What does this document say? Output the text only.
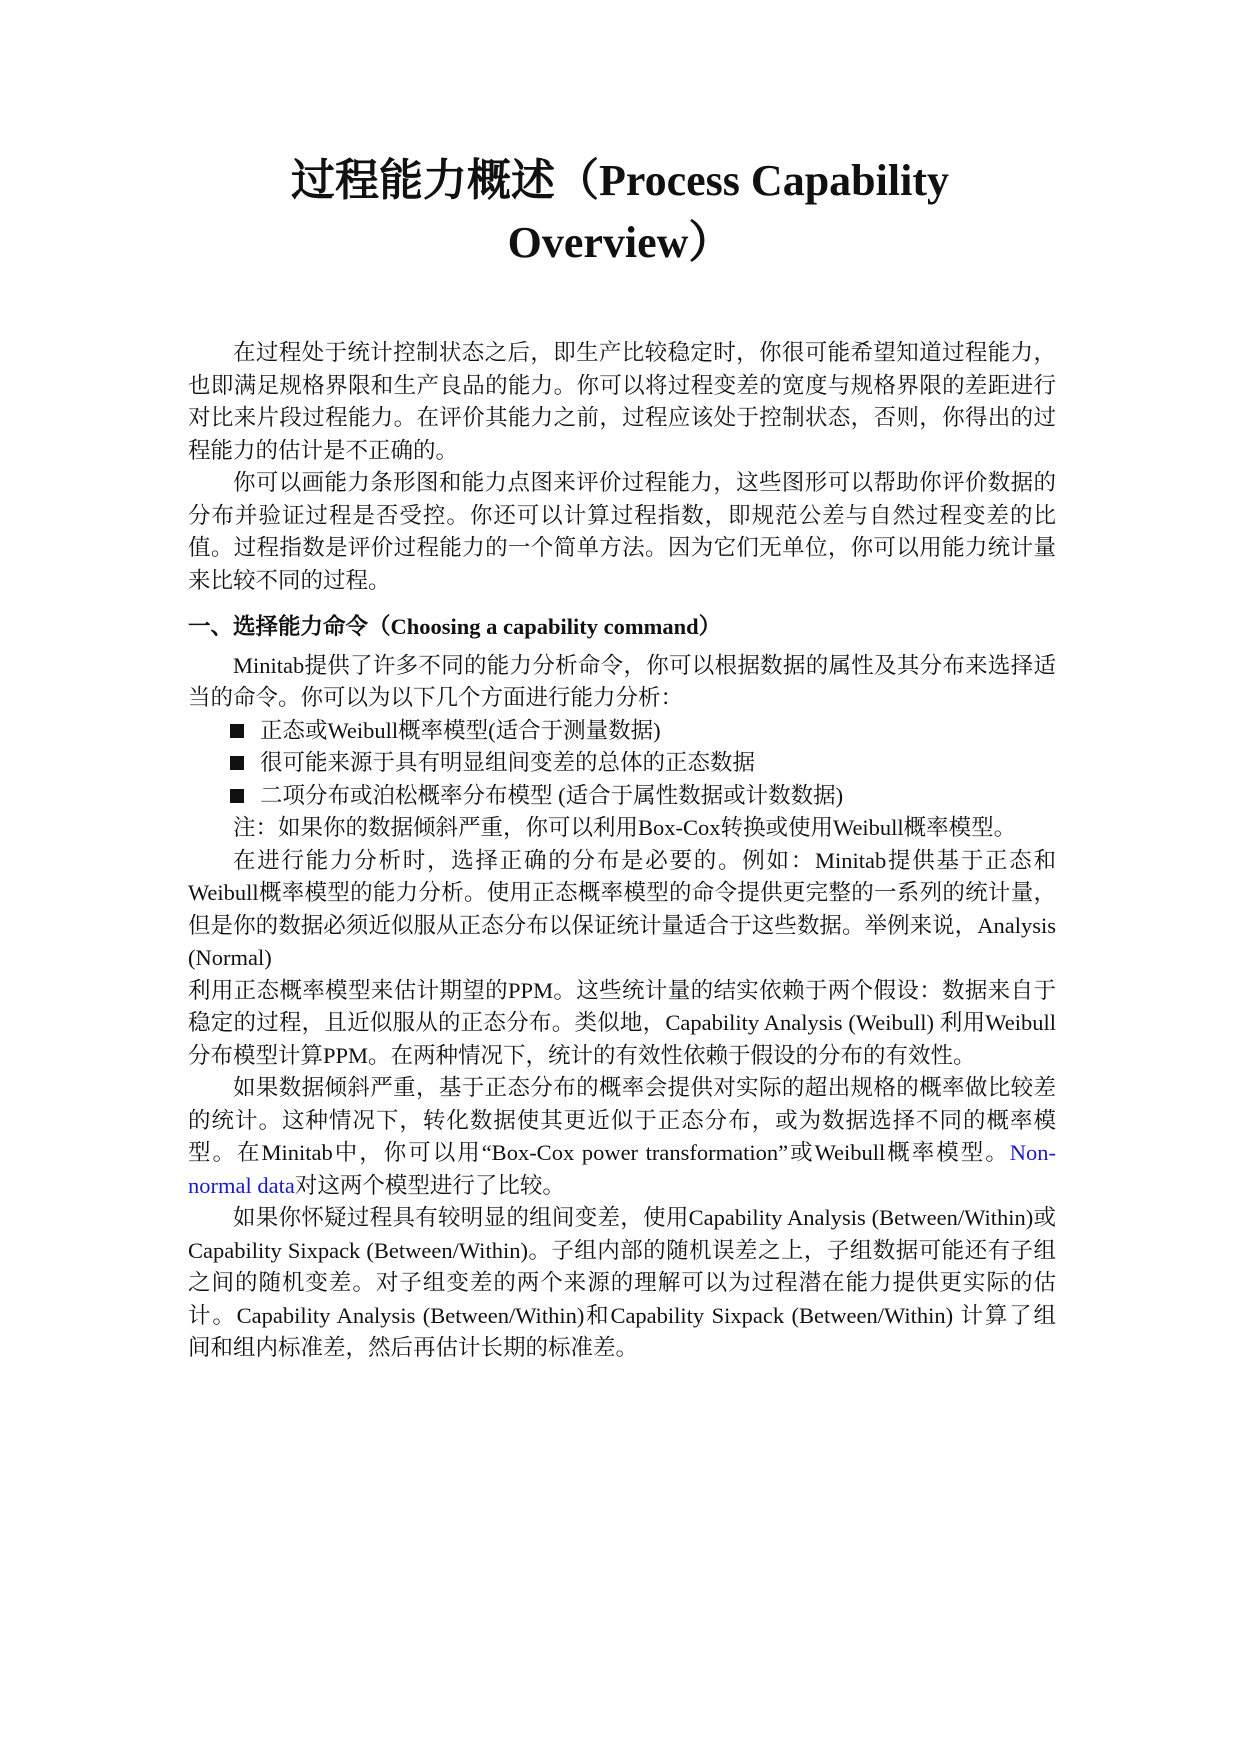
过程能力概述（Process Capability Overview）

在过程处于统计控制状态之后，即生产比较稳定时，你很可能希望知道过程能力，也即满足规格界限和生产良品的能力。你可以将过程变差的宽度与规格界限的差距进行对比来片段过程能力。在评价其能力之前，过程应该处于控制状态，否则，你得出的过程能力的估计是不正确的。

你可以画能力条形图和能力点图来评价过程能力，这些图形可以帮助你评价数据的分布并验证过程是否受控。你还可以计算过程指数，即规范公差与自然过程变差的比值。过程指数是评价过程能力的一个简单方法。因为它们无单位，你可以用能力统计量来比较不同的过程。

一、选择能力命令（Choosing a capability command）

Minitab提供了许多不同的能力分析命令，你可以根据数据的属性及其分布来选择适当的命令。你可以为以下几个方面进行能力分析：

正态或Weibull概率模型(适合于测量数据)
很可能来源于具有明显组间变差的总体的正态数据
二项分布或泊松概率分布模型 (适合于属性数据或计数数据)

注：如果你的数据倾斜严重，你可以利用Box-Cox转换或使用Weibull概率模型。

在进行能力分析时，选择正确的分布是必要的。例如：Minitab提供基于正态和Weibull概率模型的能力分析。使用正态概率模型的命令提供更完整的一系列的统计量，但是你的数据必须近似服从正态分布以保证统计量适合于这些数据。举例来说，Analysis (Normal)

利用正态概率模型来估计期望的PPM。这些统计量的结实依赖于两个假设：数据来自于稳定的过程，且近似服从的正态分布。类似地，Capability Analysis (Weibull) 利用Weibull

分布模型计算PPM。在两种情况下，统计的有效性依赖于假设的分布的有效性。

如果数据倾斜严重，基于正态分布的概率会提供对实际的超出规格的概率做比较差的统计。这种情况下，转化数据使其更近似于正态分布，或为数据选择不同的概率模型。在Minitab中，你可以用“Box-Cox power transformation”或Weibull概率模型。Non-normal data对这两个模型进行了比较。

如果你怀疑过程具有较明显的组间变差，使用Capability Analysis (Between/Within)或 Capability Sixpack (Between/Within)。子组内部的随机误差之上，子组数据可能还有子组之间的随机变差。对子组变差的两个来源的理解可以为过程潜在能力提供更实际的估计。Capability Analysis (Between/Within)和Capability Sixpack (Between/Within) 计算了组间和组内标准差，然后再估计长期的标准差。
